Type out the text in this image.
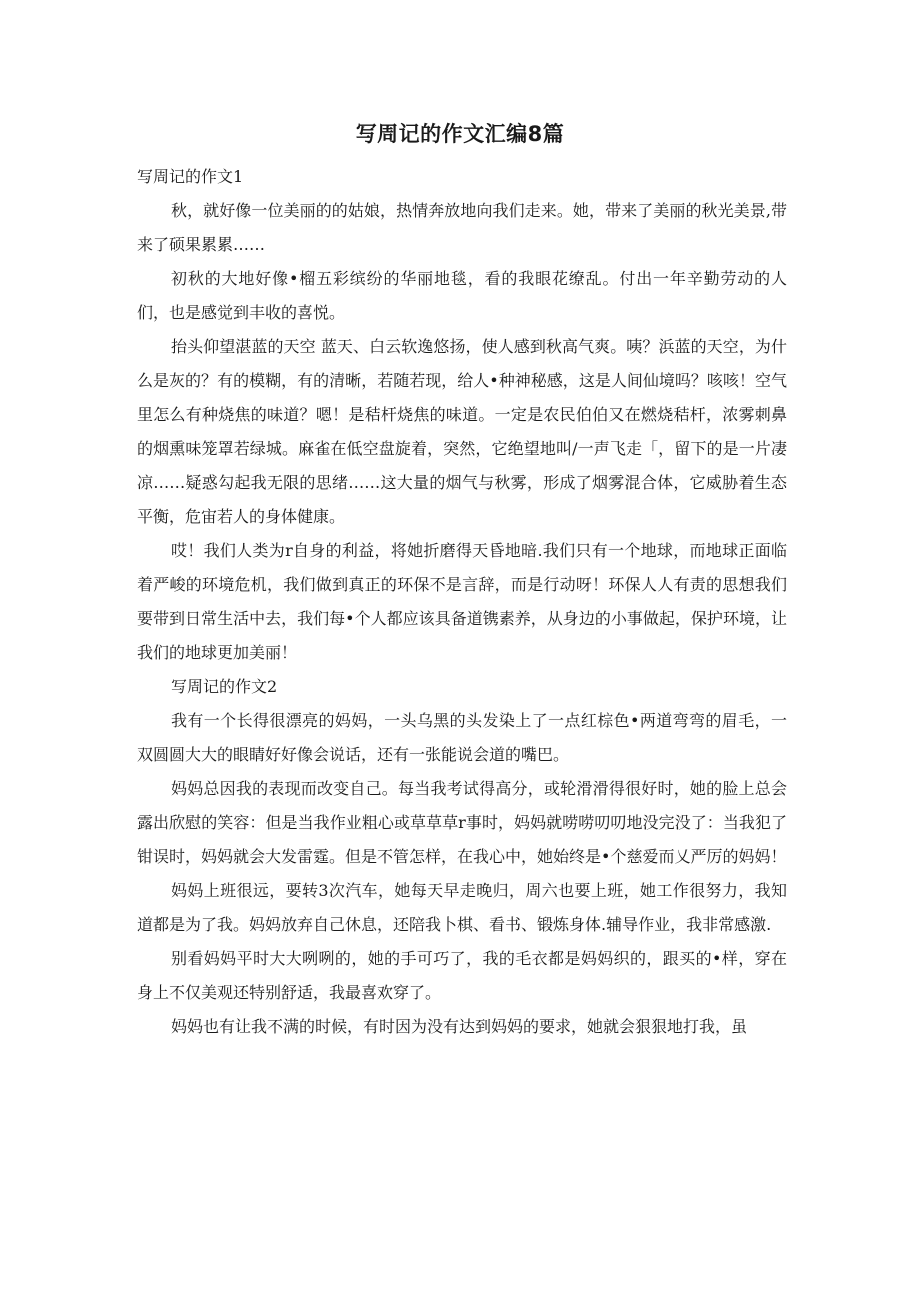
写周记的作文汇编8篇

写周记的作文1

秋，就好像一位美丽的的姑娘，热情奔放地向我们走来。她，带来了美丽的秋光美景,带来了硕果累累……

初秋的大地好像•榴五彩缤纷的华丽地毯，看的我眼花缭乱。付出一年辛勤劳动的人们，也是感觉到丰收的喜悦。

抬头仰望湛蓝的天空 蓝天、白云软逸悠扬，使人感到秋高气爽。咦？浜蓝的天空，为什么是灰的？有的模糊，有的清晰，若随若现，给人•种神秘感，这是人间仙境吗？咳咳！空气里怎么有种烧焦的味道？嗯！是秸杆烧焦的味道。一定是农民伯伯又在燃烧秸杆，浓雾刺鼻的烟熏味笼罩若绿城。麻雀在低空盘旋着，突然，它绝望地叫/一声飞走「，留下的是一片凄凉……疑惑勾起我无限的思绪……这大量的烟气与秋雾，形成了烟雾混合体，它威胁着生态平衡，危宙若人的身体健康。

哎！我们人类为r自身的利益，将她折磨得天昏地暗.我们只有一个地球，而地球正面临着严峻的环境危机，我们做到真正的环保不是言辞，而是行动呀！环保人人有责的思想我们要带到日常生活中去，我们每•个人都应该具备道镌素养，从身边的小事做起，保护环境，让我们的地球更加美丽！

写周记的作文2

我有一个长得很漂亮的妈妈，一头乌黑的头发染上了一点红棕色•两道弯弯的眉毛，一双圆圆大大的眼睛好好像会说话，还有一张能说会道的嘴巴。

妈妈总因我的表现而改变自己。每当我考试得高分，或轮滑滑得很好时，她的脸上总会露出欣慰的笑容：但是当我作业粗心或草草草r事时，妈妈就唠唠叨叨地没完没了：当我犯了钳误时，妈妈就会大发雷霆。但是不管怎样，在我心中，她始终是•个慈爱而乂严厉的妈妈！

妈妈上班很远，要转3次汽车，她每天早走晚归，周六也要上班，她工作很努力，我知道都是为了我。妈妈放弃自己休息，还陪我卜棋、看书、锻炼身体.辅导作业，我非常感激.

别看妈妈平时大大咧咧的，她的手可巧了，我的毛衣都是妈妈织的，跟买的•样，穿在身上不仅美观还特别舒适，我最喜欢穿了。

妈妈也有让我不满的时候，有时因为没有达到妈妈的要求，她就会狠狠地打我，虽
